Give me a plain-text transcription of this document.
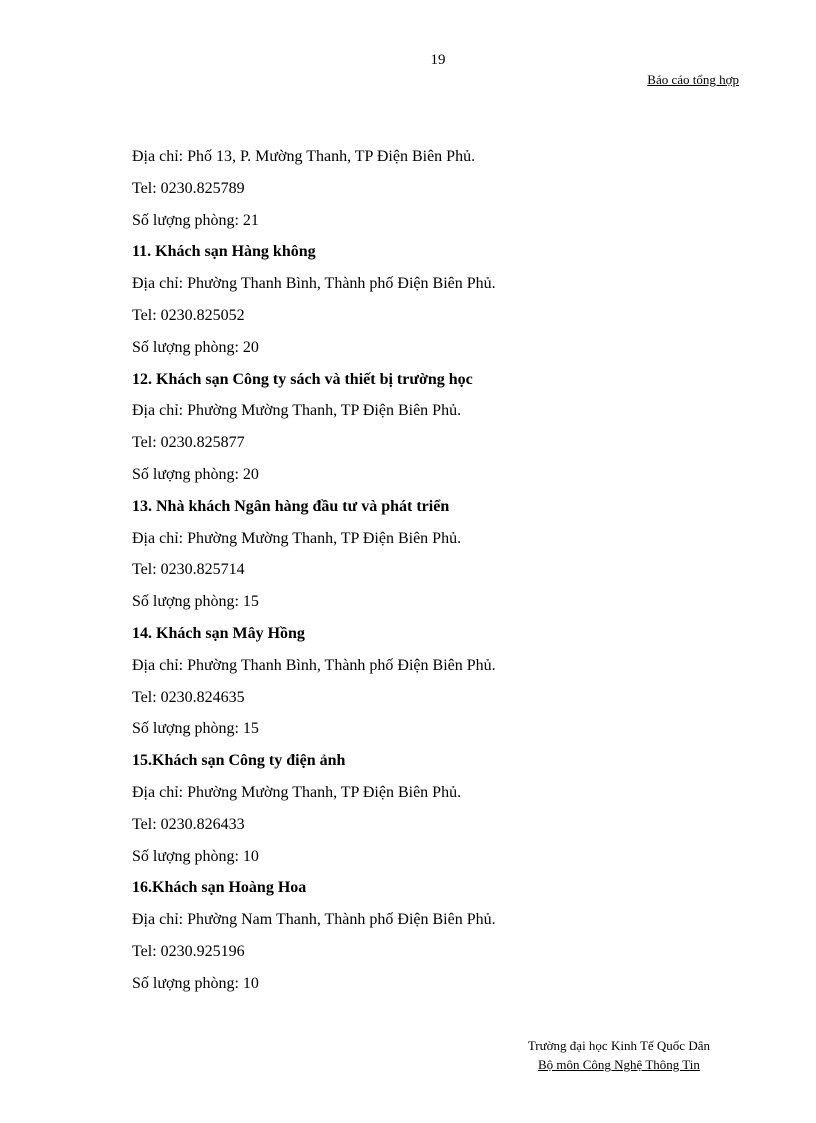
19
Báo cáo tổng hợp
Địa chỉ: Phố 13, P. Mường Thanh, TP Điện Biên Phủ.
Tel: 0230.825789
Số lượng phòng: 21
11. Khách sạn Hàng không
Địa chỉ: Phường Thanh Bình, Thành phố Điện Biên Phủ.
Tel: 0230.825052
Số lượng phòng: 20
12. Khách sạn Công ty sách và thiết bị trường học
Địa chỉ: Phường Mường Thanh, TP Điện Biên Phủ.
Tel: 0230.825877
Số lượng phòng: 20
13. Nhà khách Ngân hàng đầu tư và phát triển
Địa chỉ: Phường Mường Thanh, TP Điện Biên Phủ.
Tel: 0230.825714
Số lượng phòng: 15
14. Khách sạn Mây Hồng
Địa chỉ: Phường Thanh Bình, Thành phố Điện Biên Phủ.
Tel: 0230.824635
Số lượng phòng: 15
15.Khách sạn Công ty điện ảnh
Địa chỉ: Phường Mường Thanh, TP Điện Biên Phủ.
Tel: 0230.826433
Số lượng phòng: 10
16.Khách sạn Hoàng Hoa
Địa chỉ: Phường Nam Thanh, Thành phố Điện Biên Phủ.
Tel: 0230.925196
Số lượng phòng: 10
Trường đại học Kinh Tế Quốc Dân
Bộ môn Công Nghệ Thông Tin
